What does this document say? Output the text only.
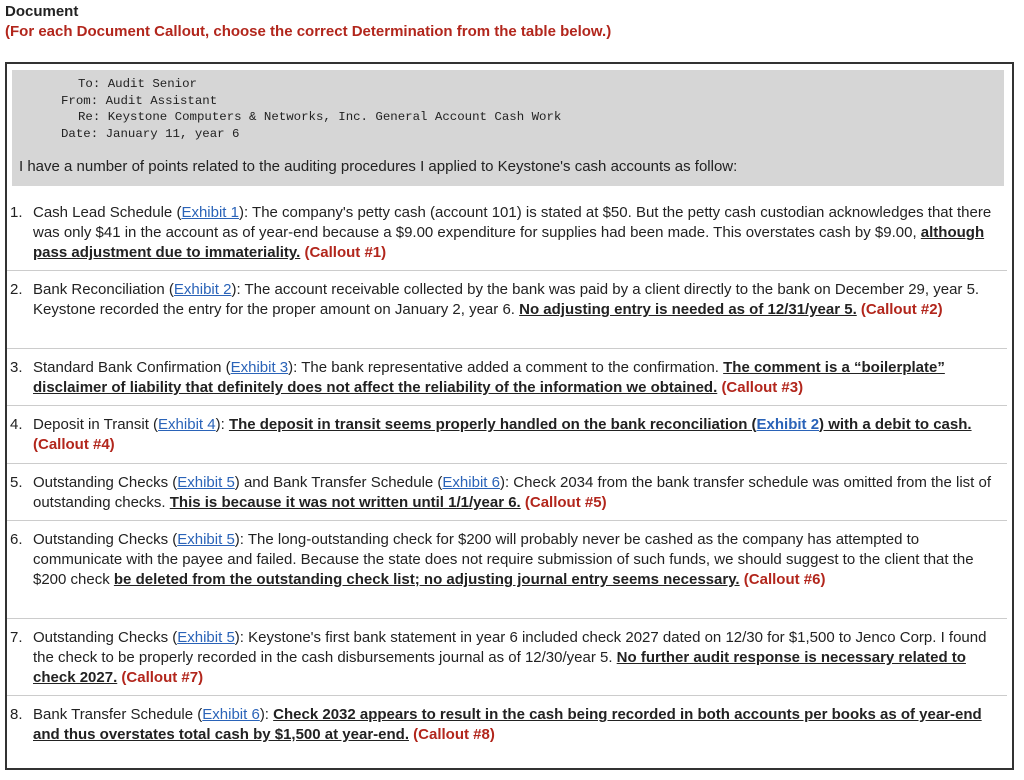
Document
(For each Document Callout, choose the correct Determination from the table below.)
To: Audit Senior
From: Audit Assistant
Re: Keystone Computers & Networks, Inc. General Account Cash Work
Date: January 11, year 6
I have a number of points related to the auditing procedures I applied to Keystone's cash accounts as follow:
1. Cash Lead Schedule (Exhibit 1): The company's petty cash (account 101) is stated at $50. But the petty cash custodian acknowledges that there was only $41 in the account as of year-end because a $9.00 expenditure for supplies had been made. This overstates cash by $9.00, although pass adjustment due to immateriality. (Callout #1)
2. Bank Reconciliation (Exhibit 2): The account receivable collected by the bank was paid by a client directly to the bank on December 29, year 5. Keystone recorded the entry for the proper amount on January 2, year 6. No adjusting entry is needed as of 12/31/year 5. (Callout #2)
3. Standard Bank Confirmation (Exhibit 3): The bank representative added a comment to the confirmation. The comment is a “boilerplate” disclaimer of liability that definitely does not affect the reliability of the information we obtained. (Callout #3)
4. Deposit in Transit (Exhibit 4): The deposit in transit seems properly handled on the bank reconciliation (Exhibit 2) with a debit to cash. (Callout #4)
5. Outstanding Checks (Exhibit 5) and Bank Transfer Schedule (Exhibit 6): Check 2034 from the bank transfer schedule was omitted from the list of outstanding checks. This is because it was not written until 1/1/year 6. (Callout #5)
6. Outstanding Checks (Exhibit 5): The long-outstanding check for $200 will probably never be cashed as the company has attempted to communicate with the payee and failed. Because the state does not require submission of such funds, we should suggest to the client that the $200 check be deleted from the outstanding check list; no adjusting journal entry seems necessary. (Callout #6)
7. Outstanding Checks (Exhibit 5): Keystone's first bank statement in year 6 included check 2027 dated on 12/30 for $1,500 to Jenco Corp. I found the check to be properly recorded in the cash disbursements journal as of 12/30/year 5. No further audit response is necessary related to check 2027. (Callout #7)
8. Bank Transfer Schedule (Exhibit 6): Check 2032 appears to result in the cash being recorded in both accounts per books as of year-end and thus overstates total cash by $1,500 at year-end. (Callout #8)
